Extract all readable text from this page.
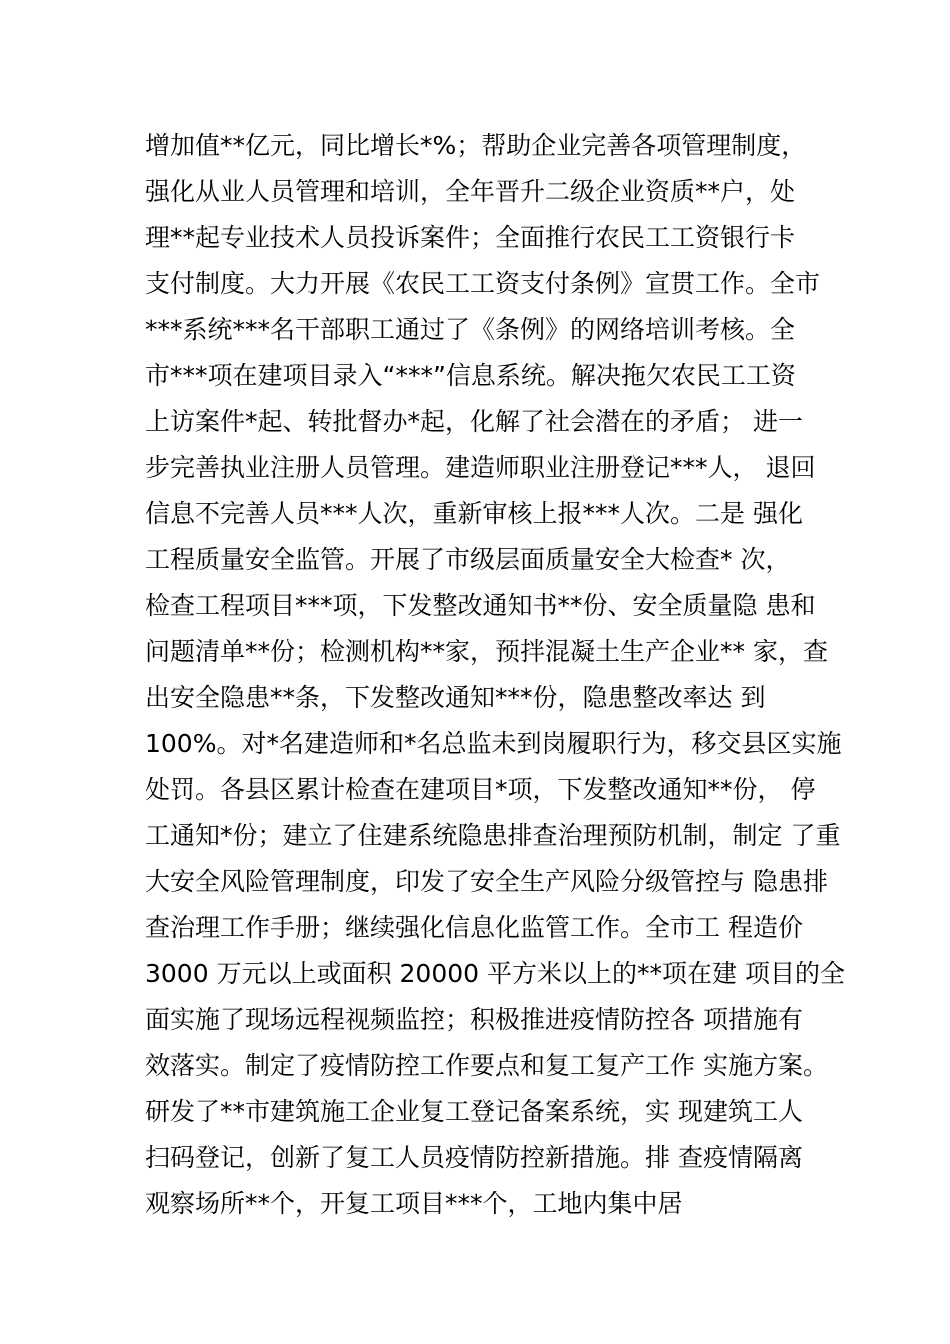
增加值**亿元，同比增长*%；帮助企业完善各项管理制度，
强化从业人员管理和培训，全年晋升二级企业资质**户，处
理**起专业技术人员投诉案件；全面推行农民工工资银行卡
支付制度。大力开展《农民工工资支付条例》宣贯工作。全市
***系统***名干部职工通过了《条例》的网络培训考核。全
市***项在建项目录入“***”信息系统。解决拖欠农民工工资
上访案件*起、转批督办*起，化解了社会潜在的矛盾； 进一
步完善执业注册人员管理。建造师职业注册登记***人， 退回
信息不完善人员***人次，重新审核上报***人次。二是 强化
工程质量安全监管。开展了市级层面质量安全大检查* 次，
检查工程项目***项，下发整改通知书**份、安全质量隐 患和
问题清单**份；检测机构**家，预拌混凝土生产企业** 家，查
出安全隐患**条，下发整改通知***份，隐患整改率达 到
100%。对*名建造师和*名总监未到岗履职行为，移交县区实施
处罚。各县区累计检查在建项目*项，下发整改通知**份， 停
工通知*份；建立了住建系统隐患排查治理预防机制，制定 了重
大安全风险管理制度，印发了安全生产风险分级管控与 隐患排
查治理工作手册；继续强化信息化监管工作。全市工 程造价
3000 万元以上或面积 20000 平方米以上的**项在建 项目的全
面实施了现场远程视频监控；积极推进疫情防控各 项措施有
效落实。制定了疫情防控工作要点和复工复产工作 实施方案。
研发了**市建筑施工企业复工登记备案系统，实 现建筑工人
扫码登记，创新了复工人员疫情防控新措施。排 查疫情隔离
观察场所**个，开复工项目***个，工地内集中居
